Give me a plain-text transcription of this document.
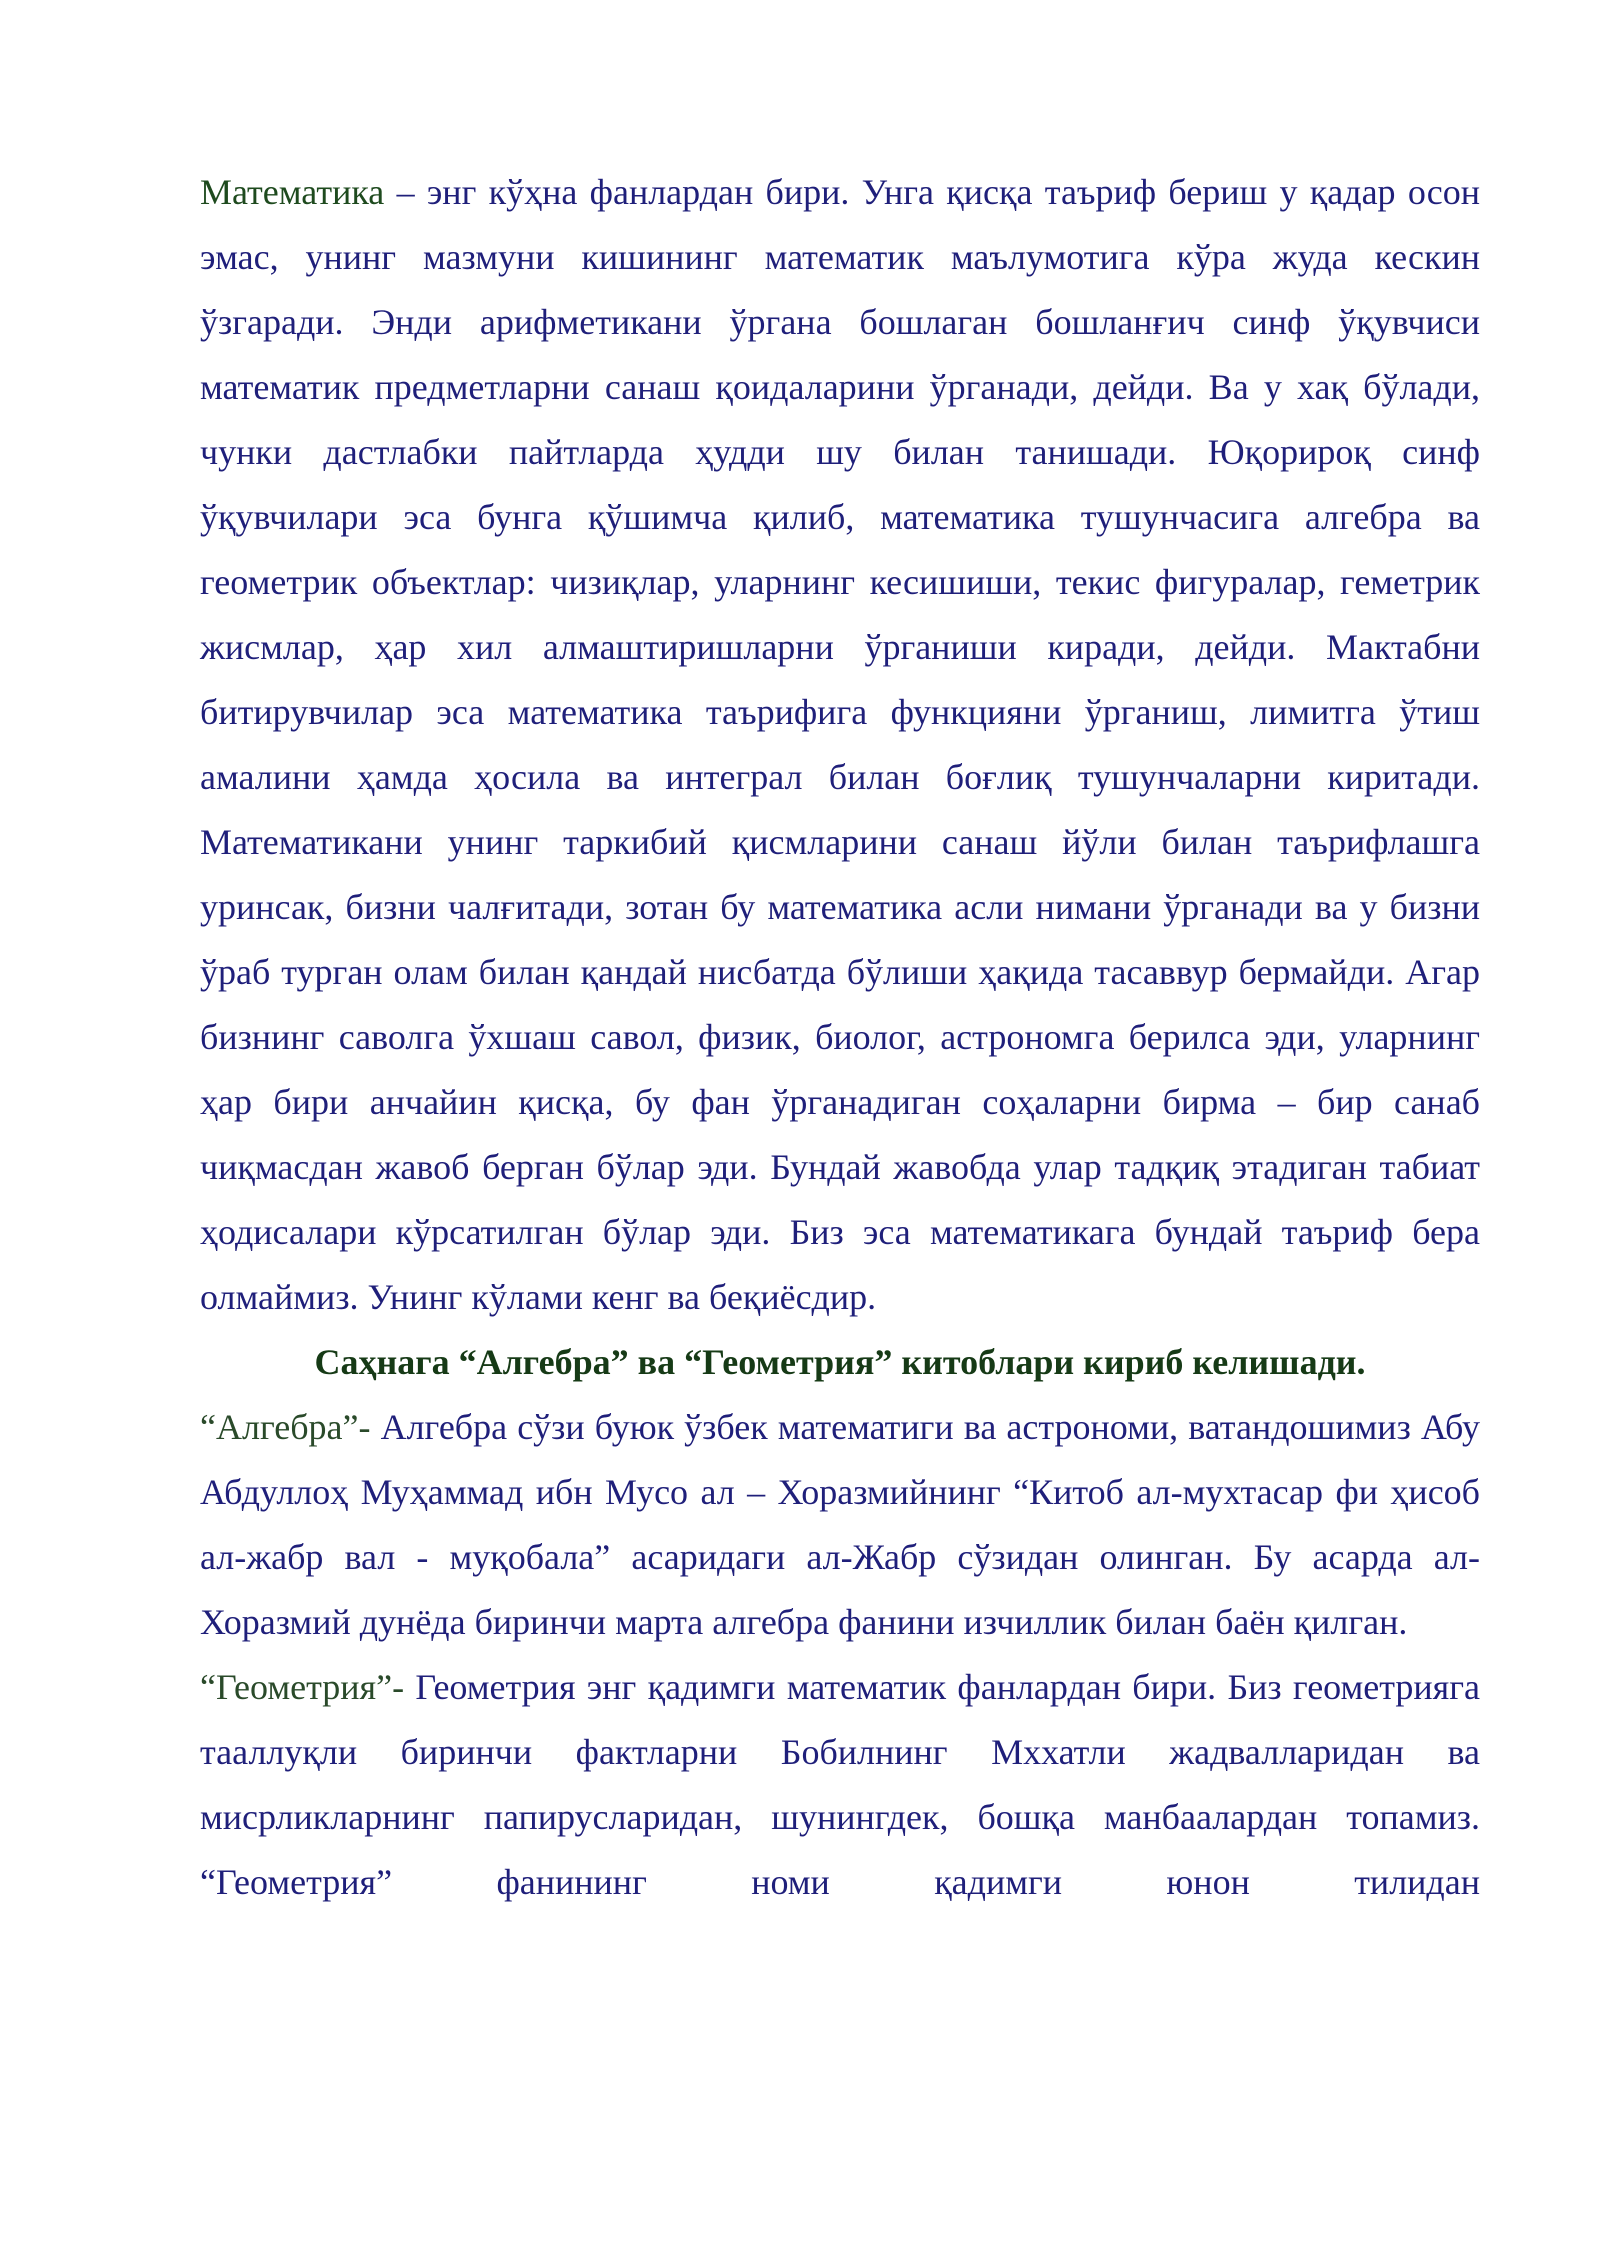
Математика – энг кўҳна фанлардан бири. Унга қисқа таъриф бериш у қадар осон эмас, унинг мазмуни кишининг математик маълумотига кўра жуда кескин ўзгаради. Энди арифметикани ўргана бошлаган бошланғич синф ўқувчиси математик предметларни санаш қоидаларини ўрганади, дейди. Ва у хақ бўлади, чунки дастлабки пайтларда ҳудди шу билан танишади. Юқорироқ синф ўқувчилари эса бунга қўшимча қилиб, математика тушунчасига алгебра ва геометрик объектлар: чизиқлар, уларнинг кесишиши, текис фигуралар, геметрик жисмлар, ҳар хил алмаштиришларни ўрганиши киради, дейди. Мактабни битирувчилар эса математика таърифига функцияни ўрганиш, лимитга ўтиш амалини ҳамда ҳосила ва интеграл билан боғлиқ тушунчаларни киритади. Математикани унинг таркибий қисмларини санаш йўли билан таърифлашга уринсак, бизни чалғитади, зотан бу математика асли нимани ўрганади ва у бизни ўраб турган олам билан қандай нисбатда бўлиши ҳақида тасаввур бермайди. Агар бизнинг саволга ўхшаш савол, физик, биолог, астрономга берилса эди, уларнинг ҳар бири анчайин қисқа, бу фан ўрганадиган соҳаларни бирма – бир санаб чиқмасдан жавоб берган бўлар эди. Бундай жавобда улар тадқиқ этадиган табиат ҳодисалари кўрсатилган бўлар эди. Биз эса математикага бундай таъриф бера олмаймиз. Унинг кўлами кенг ва беқиёсдир.

Саҳнага “Алгебра” ва “Геометрия” китоблари кириб келишади.

“Алгебра”- Алгебра сўзи буюк ўзбек математиги ва астрономи, ватандошимиз Абу Абдуллоҳ Муҳаммад ибн Мусо ал – Хоразмийнинг “Китоб ал-мухтасар фи ҳисоб ал-жабр вал - муқобала” асаридаги ал-Жабр сўзидан олинган. Бу асарда ал-Хоразмий дунёда биринчи марта алгебра фанини изчиллик билан баён қилган.

“Геометрия”- Геометрия энг қадимги математик фанлардан бири. Биз геометрияга тааллуқли биринчи фактларни Бобилнинг Мххатли жадвалларидан ва мисрликларнинг папирусларидан, шунингдек, бошқа манбаалардан топамиз. “Геометрия” фанининг номи қадимги юнон тилидан
